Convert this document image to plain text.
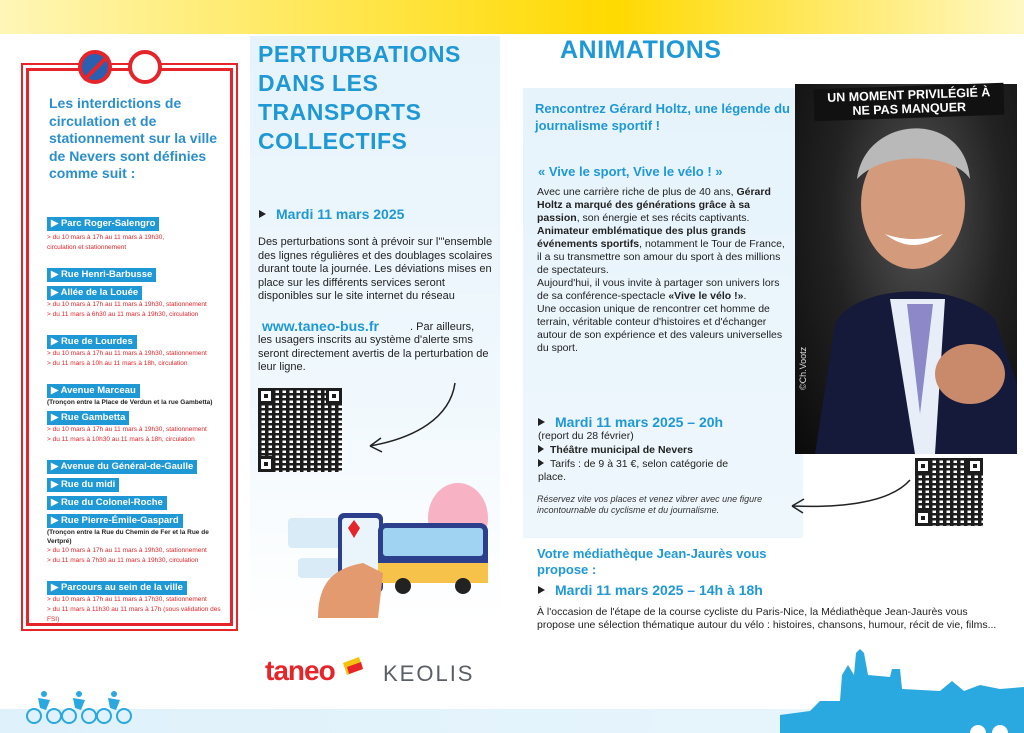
Les interdictions de circulation et de stationnement sur la ville de Nevers sont définies comme suit :
▶ Parc Roger-Salengro
> du 10 mars à 17h au 11 mars à 19h30,
circulation et stationnement
▶ Rue Henri-Barbusse
▶ Allée de la Louée
> du 10 mars à 17h au 11 mars à 19h30, stationnement
> du 11 mars à 6h30 au 11 mars à 19h30, circulation
▶ Rue de Lourdes
> du 10 mars à 17h au 11 mars à 19h30, stationnement
> du 11 mars à 10h au 11 mars à 18h, circulation
▶ Avenue Marceau
(Tronçon entre la Place de Verdun et la rue Gambetta)
▶ Rue Gambetta
> du 10 mars à 17h au 11 mars à 19h30, stationnement
> du 11 mars à 10h30 au 11 mars à 18h, circulation
▶ Avenue du Général-de-Gaulle
▶ Rue du midi
▶ Rue du Colonel-Roche
▶ Rue Pierre-Émile-Gaspard
(Tronçon entre la Rue du Chemin de Fer et la Rue de Vertpré)
> du 10 mars à 17h au 11 mars à 19h30, stationnement
> du 11 mars à 7h30 au 11 mars à 19h30, circulation
▶ Parcours au sein de la ville
> du 10 mars à 17h au 11 mars à 17h30, stationnement
> du 11 mars à 11h30 au 11 mars à 17h (sous validation des FSI)
PERTURBATIONS DANS LES TRANSPORTS COLLECTIFS
Mardi 11 mars 2025
Des perturbations sont à prévoir sur l'"ensemble des lignes régulières et des doublages scolaires durant toute la journée. Les déviations mises en place sur les différents services seront disponibles sur le site internet du réseau
www.taneo-bus.fr	. Par ailleurs,
les usagers inscrits au système d'alerte sms seront directement avertis de la perturbation de leur ligne.
taneo KEOLIS
ANIMATIONS
Rencontrez Gérard Holtz, une légende du journalisme sportif !
« Vive le sport, Vive le vélo ! »
Avec une carrière riche de plus de 40 ans, Gérard Holtz a marqué des générations grâce à sa passion, son énergie et ses récits captivants. Animateur emblématique des plus grands événements sportifs, notamment le Tour de France, il a su transmettre son amour du sport à des millions de spectateurs.
Aujourd'hui, il vous invite à partager son univers lors de sa conférence-spectacle «Vive le vélo !».
Une occasion unique de rencontrer cet homme de terrain, véritable conteur d'histoires et d'échanger autour de son expérience et des valeurs universelles du sport.
UN MOMENT PRIVILÉGIÉ À NE PAS MANQUER
©Ch.Vootz
Mardi 11 mars 2025 – 20h
(report du 28 février)
Théâtre municipal de Nevers
Tarifs : de 9 à 31 €, selon catégorie de place.
Réservez vite vos places et venez vibrer avec une figure incontournable du cyclisme et du journalisme.
Votre médiathèque Jean-Jaurès vous propose :
Mardi 11 mars 2025 – 14h à 18h
À l'occasion de l'étape de la course cycliste du Paris-Nice, la Médiathèque Jean-Jaurès vous propose une sélection thématique autour du vélo : histoires, chansons, humour, récit de vie, films...
